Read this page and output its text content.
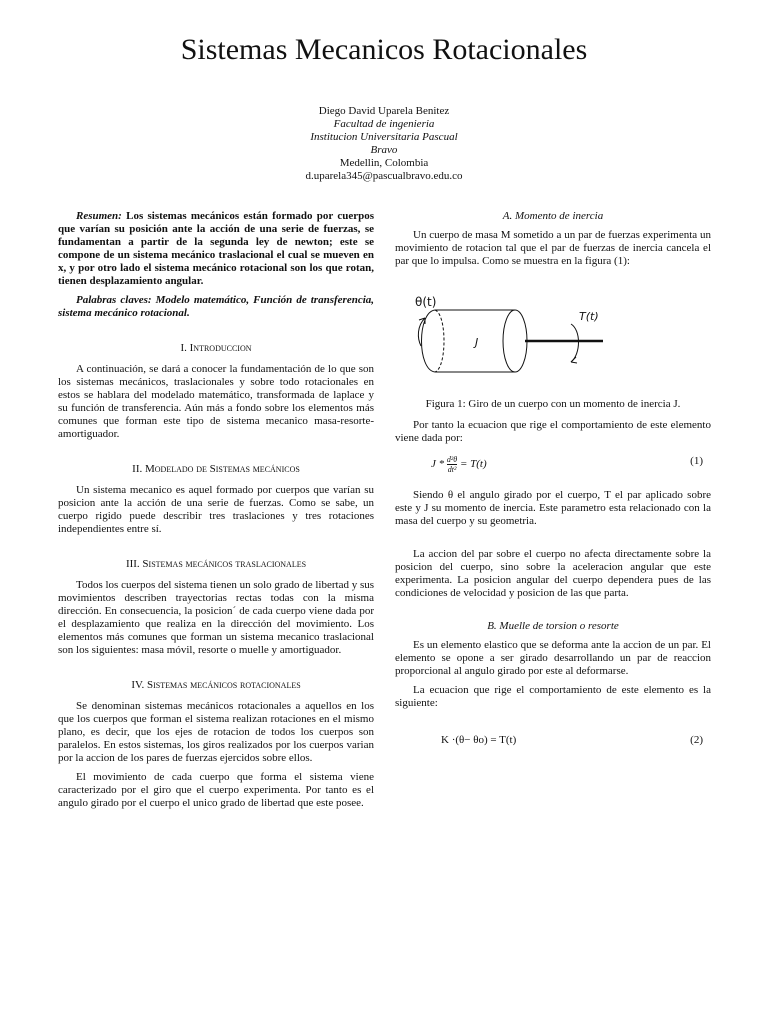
Sistemas Mecanicos Rotacionales
Diego David Uparela Benitez
Facultad de ingenieria
Institucion Universitaria Pascual
Bravo
Medellin, Colombia
d.uparela345@pascualbravo.edu.co

Resumen: Los sistemas mecánicos están formado por cuerpos que varían su posición ante la acción de una serie de fuerzas, se fundamentan a partir de la segunda ley de newton; este se compone de un sistema mecánico traslacional el cual se mueven en x, y por otro lado el sistema mecánico rotacional son los que rotan, tienen desplazamiento angular.

Palabras claves: Modelo matemático, Función de transferencia, sistema mecánico rotacional.

I. Introduccion

A continuación, se dará a conocer la fundamentación de lo que son los sistemas mecánicos, traslacionales y sobre todo rotacionales en estos se hablara del modelado matemático, transformada de laplace y su función de transferencia. Aún más a fondo sobre los elementos más comunes que forman este tipo de sistema mecanico masa-resorte-amortiguador.

II. Modelado de Sistemas mecánicos

Un sistema mecanico es aquel formado por cuerpos que varían su posicion ante la acción de una serie de fuerzas. Como se sabe, un cuerpo rigido puede describir tres traslaciones y tres rotaciones independientes entre sí.

III. Sistemas mecánicos traslacionales

Todos los cuerpos del sistema tienen un solo grado de libertad y sus movimientos describen trayectorias rectas todas con la misma dirección. En consecuencia, la posicion´ de cada cuerpo viene dada por el desplazamiento que realiza en la dirección del movimiento. Los elementos más comunes que forman un sistema mecanico traslacional son los siguientes: masa móvil, resorte o muelle y amortiguador.

IV. Sistemas mecánicos rotacionales

Se denominan sistemas mecánicos rotacionales a aquellos en los que los cuerpos que forman el sistema realizan rotaciones en el mismo plano, es decir, que los ejes de rotacion de todos los cuerpos son paralelos. En estos sistemas, los giros realizados por los cuerpos varian por la accion de los pares de fuerzas ejercidos sobre ellos.

El movimiento de cada cuerpo que forma el sistema viene caracterizado por el giro que el cuerpo experimenta. Por tanto es el angulo girado por el cuerpo el unico grado de libertad que este posee.

A. Momento de inercia

Un cuerpo de masa M sometido a un par de fuerzas experimenta un movimiento de rotacion tal que el par de fuerzas de inercia cancela el par que lo impulsa. Como se muestra en la figura (1):

θ(t)
T(t)
J
Figura 1: Giro de un cuerpo con un momento de inercia J.

Por tanto la ecuacion que rige el comportamiento de este elemento viene dada por:

$J * \frac{\text{d²θ}}{\text{dt²}} = T(t)$	(1)

Siendo θ el angulo girado por el cuerpo, T el par aplicado sobre este y J su momento de inercia. Este parametro esta relacionado con la masa del cuerpo y su geometria.

La accion del par sobre el cuerpo no afecta directamente sobre la posicion del cuerpo, sino sobre la aceleracion angular que este experimenta. La posicion angular del cuerpo dependera pues de las condiciones de velocidad y posicion de las que parta.

B. Muelle de torsion o resorte

Es un elemento elastico que se deforma ante la accion de un par. El elemento se opone a ser girado desarrollando un par de reaccion proporcional al angulo girado por este al deformarse.

La ecuacion que rige el comportamiento de este elemento es la siguiente:

K ·(θ− θo) = T(t)	(2)
